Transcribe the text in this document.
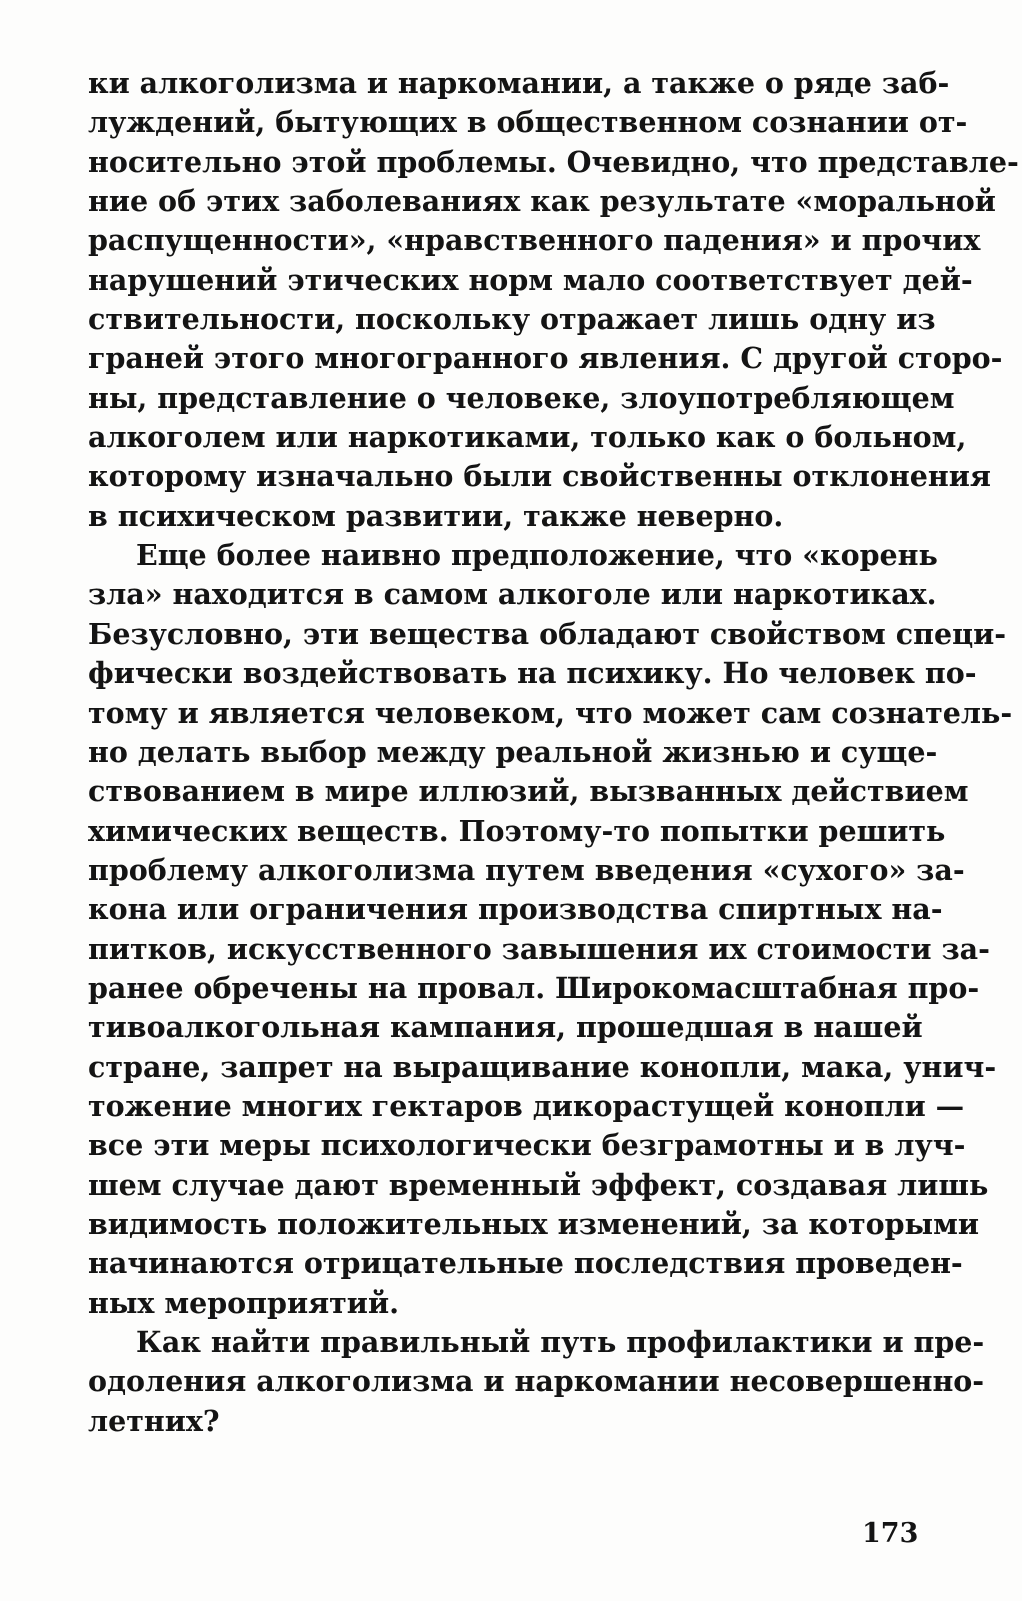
ки алкоголизма и наркомании, а также о ряде заб-
луждений, бытующих в общественном сознании от-
носительно этой проблемы. Очевидно, что представле-
ние об этих заболеваниях как результате «моральной
распущенности», «нравственного падения» и прочих
нарушений этических норм мало соответствует дей-
ствительности, поскольку отражает лишь одну из
граней этого многогранного явления. С другой сторо-
ны, представление о человеке, злоупотребляющем
алкоголем или наркотиками, только как о больном,
которому изначально были свойственны отклонения
в психическом развитии, также неверно.
Еще более наивно предположение, что «корень
зла» находится в самом алкоголе или наркотиках.
Безусловно, эти вещества обладают свойством специ-
фически воздействовать на психику. Но человек по-
тому и является человеком, что может сам сознатель-
но делать выбор между реальной жизнью и суще-
ствованием в мире иллюзий, вызванных действием
химических веществ. Поэтому-то попытки решить
проблему алкоголизма путем введения «сухого» за-
кона или ограничения производства спиртных на-
питков, искусственного завышения их стоимости за-
ранее обречены на провал. Широкомасштабная про-
тивоалкогольная кампания, прошедшая в нашей
стране, запрет на выращивание конопли, мака, унич-
тожение многих гектаров дикорастущей конопли —
все эти меры психологически безграмотны и в луч-
шем случае дают временный эффект, создавая лишь
видимость положительных изменений, за которыми
начинаются отрицательные последствия проведен-
ных мероприятий.
Как найти правильный путь профилактики и пре-
одоления алкоголизма и наркомании несовершенно-
летних?
173
